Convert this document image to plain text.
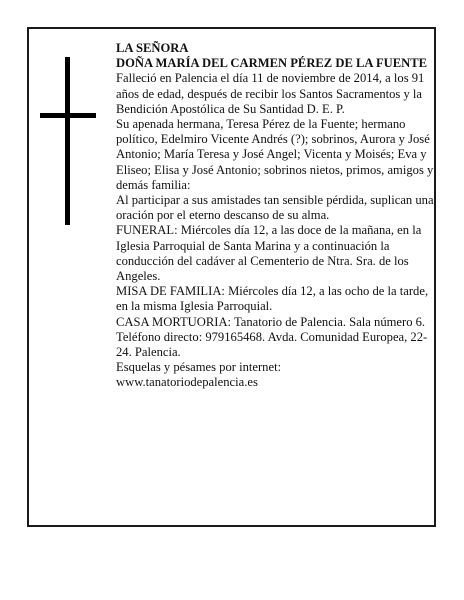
LA SEÑORA

DOÑA MARÍA DEL CARMEN PÉREZ DE LA FUENTE

Falleció en Palencia el día 11 de noviembre de 2014, a los 91 años de edad, después de recibir los Santos Sacramentos y la Bendición Apostólica de Su Santidad D. E. P.

Su apenada hermana, Teresa Pérez de la Fuente; hermano político, Edelmiro Vicente Andrés (?); sobrinos, Aurora y José Antonio; María Teresa y José Angel; Vicenta y Moisés; Eva y Eliseo; Elisa y José Antonio; sobrinos nietos, primos, amigos y demás familia:

Al participar a sus amistades tan sensible pérdida, suplican una oración por el eterno descanso de su alma.

FUNERAL: Miércoles día 12, a las doce de la mañana, en la Iglesia Parroquial de Santa Marina y a continuación la conducción del cadáver al Cementerio de Ntra. Sra. de los Angeles.

MISA DE FAMILIA: Miércoles día 12, a las ocho de la tarde, en la misma Iglesia Parroquial.

CASA MORTUORIA: Tanatorio de Palencia. Sala número 6. Teléfono directo: 979165468. Avda. Comunidad Europea, 22-24. Palencia.

Esquelas y pésames por internet:

www.tanatoriodepalencia.es
